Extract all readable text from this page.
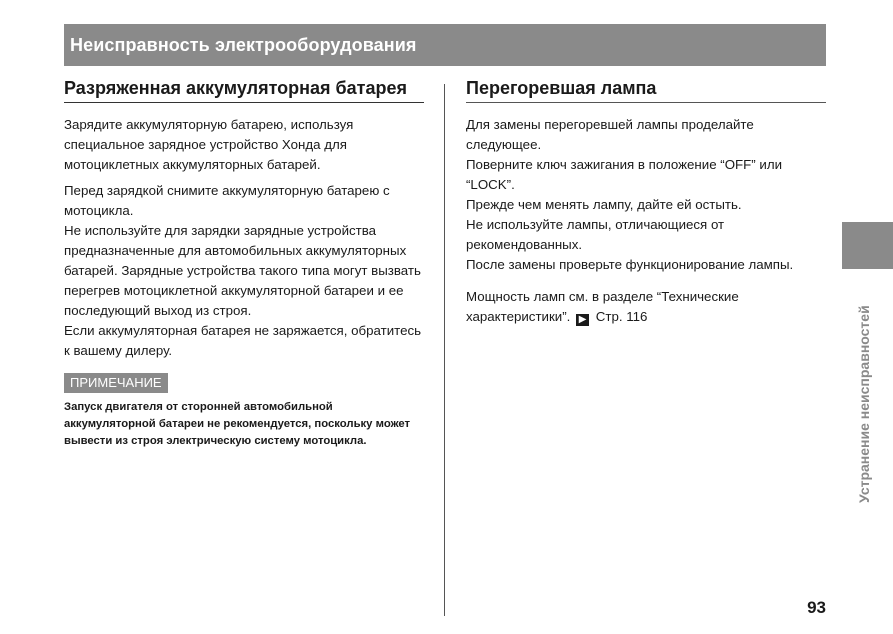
Неисправность электрооборудования
Разряженная аккумуляторная батарея

Зарядите аккумуляторную батарею, используя специальное зарядное устройство Хонда для мотоциклетных аккумуляторных батарей.

Перед зарядкой снимите аккумуляторную батарею с мотоцикла.

Не используйте для зарядки зарядные устройства предназначенные для автомобильных аккумуляторных батарей. Зарядные устройства такого типа могут вызвать перегрев мотоциклетной аккумуляторной батареи и ее последующий выход из строя.

Если аккумуляторная батарея не заряжается, обратитесь к вашему дилеру.

ПРИМЕЧАНИЕ

Запуск двигателя от сторонней автомобильной аккумуляторной батареи не рекомендуется, поскольку может вывести из строя электрическую систему мотоцикла.

Перегоревшая лампа

Для замены перегоревшей лампы проделайте следующее.

Поверните ключ зажигания в положение “OFF” или “LOCK”.

Прежде чем менять лампу, дайте ей остыть.

Не используйте лампы, отличающиеся от рекомендованных.

После замены проверьте функционирование лампы.

Мощность ламп см. в разделе “Технические характеристики”. ▶ Стр. 116	Устранение неисправностей
93
